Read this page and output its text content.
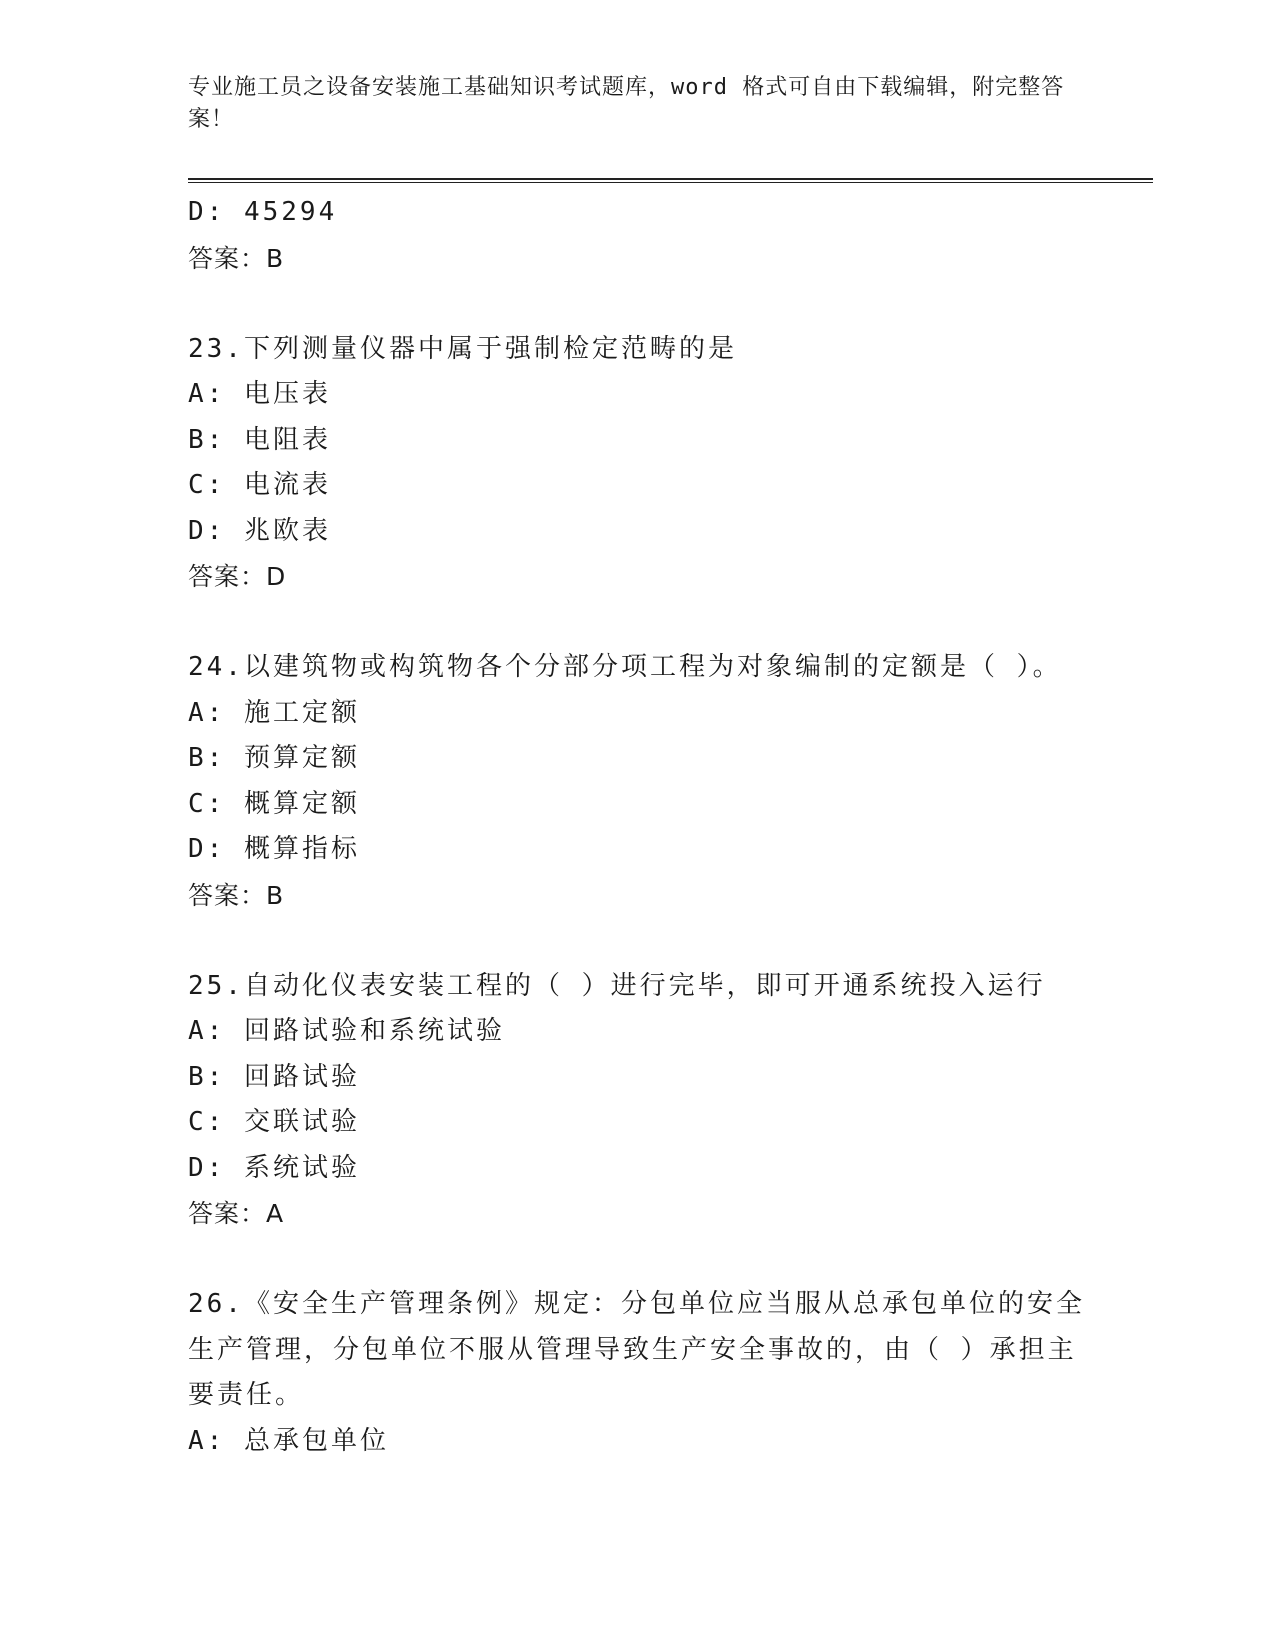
专业施工员之设备安装施工基础知识考试题库，word 格式可自由下载编辑，附完整答案！
D: 45294
答案：B
23.下列测量仪器中属于强制检定范畴的是
A: 电压表
B: 电阻表
C: 电流表
D: 兆欧表
答案：D
24.以建筑物或构筑物各个分部分项工程为对象编制的定额是（ ）。
A: 施工定额
B: 预算定额
C: 概算定额
D: 概算指标
答案：B
25.自动化仪表安装工程的（ ）进行完毕，即可开通系统投入运行
A: 回路试验和系统试验
B: 回路试验
C: 交联试验
D: 系统试验
答案：A
26.《安全生产管理条例》规定：分包单位应当服从总承包单位的安全生产管理，分包单位不服从管理导致生产安全事故的，由（ ）承担主要责任。
A: 总承包单位
